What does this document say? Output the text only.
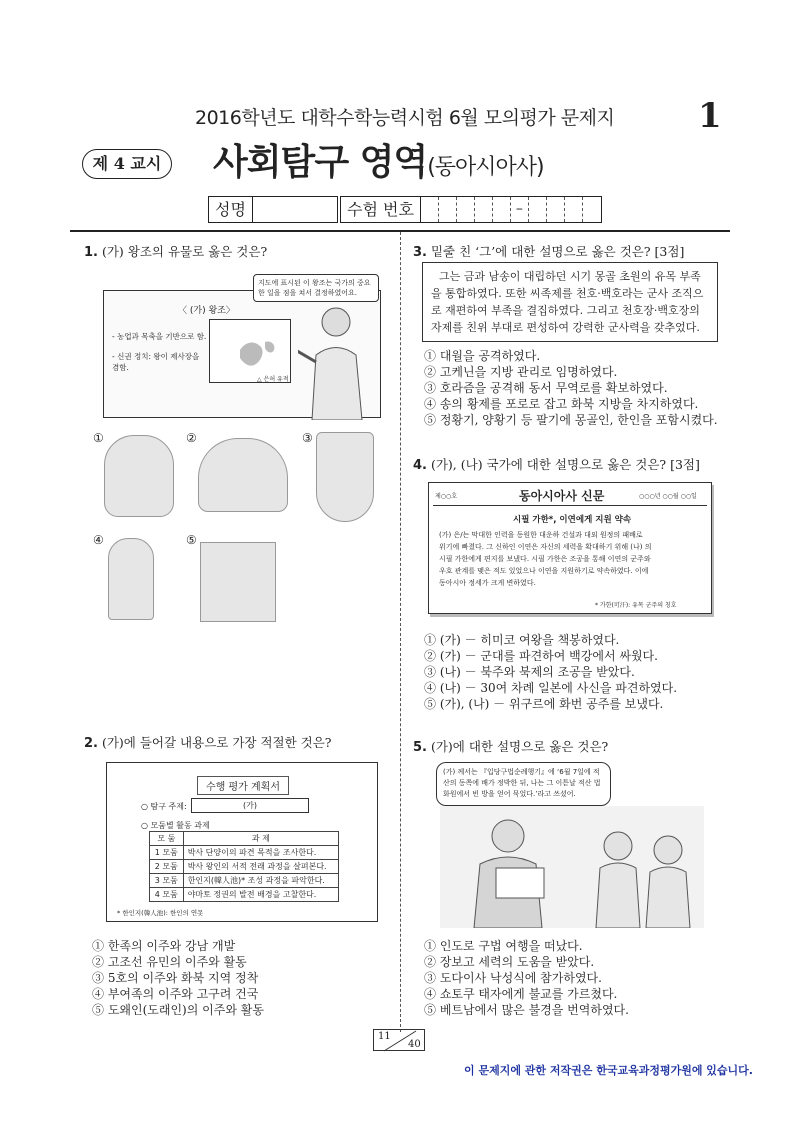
2016학년도 대학수학능력시험 6월 모의평가 문제지 1
제 4 교시 사회탐구 영역(동아시아사)
성명	수험 번호	–
1. (가) 왕조의 유물로 옳은 것은?
〈 (가) 왕조〉
- 농업과 목축을 기반으로 함.
- 신권 정치: 왕이 제사장을 겸함.
△ 은허 유적
지도에 표시된 이 왕조는 국가의 중요한 일을 점을 쳐서 결정하였어요.
①	②	③
④	⑤
2. (가)에 들어갈 내용으로 가장 적절한 것은?
수행 평가 계획서
○ 탐구 주제:	(가)
○ 모둠별 활동 과제
모 둠	과 제
1 모둠	박사 단양이의 파견 목적을 조사한다.
2 모둠	박사 왕인의 서적 전래 과정을 살펴본다.
3 모둠	한인지(韓人池)* 조성 과정을 파악한다.
4 모둠	야마토 정권의 발전 배경을 고찰한다.
* 한인지(韓人池): 한인의 연못
① 한족의 이주와 강남 개발
② 고조선 유민의 이주와 활동
③ 5호의 이주와 화북 지역 정착
④ 부여족의 이주와 고구려 건국
⑤ 도왜인(도래인)의 이주와 활동
3. 밑줄 친 ‘그’에 대한 설명으로 옳은 것은? [3점]
그는 금과 남송이 대립하던 시기 몽골 초원의 유목 부족을 통합하였다. 또한 씨족제를 천호·백호라는 군사 조직으로 재편하여 부족을 결집하였다. 그리고 천호장·백호장의 자제를 친위 부대로 편성하여 강력한 군사력을 갖추었다.
① 대월을 공격하였다.
② 고케닌을 지방 관리로 임명하였다.
③ 호라즘을 공격해 동서 무역로를 확보하였다.
④ 송의 황제를 포로로 잡고 화북 지방을 차지하였다.
⑤ 정황기, 양황기 등 팔기에 몽골인, 한인을 포함시켰다.
4. (가), (나) 국가에 대한 설명으로 옳은 것은? [3점]
제○○호	동아시아사 신문	○○○년 ○○월 ○○일
시필 가한*, 이연에게 지원 약속
(가) 은/는 막대한 인력을 동원한 대운하 건설과 대외 원정의 패배로
위기에 빠졌다. 그 신하인 이연은 자신의 세력을 확대하기 위해 (나) 의
시필 가한에게 편지를 보냈다. 시필 가한은 조공을 통해 이연의 군주와
우호 관계를 맺은 적도 있었으나 이연을 지원하기로 약속하였다. 이에
동아시아 정세가 크게 변하였다.
* 가한(可汗): 유목 군주의 칭호
① (가) － 히미코 여왕을 책봉하였다.
② (가) － 군대를 파견하여 백강에서 싸웠다.
③ (나) － 북주와 북제의 조공을 받았다.
④ (나) － 30여 차례 일본에 사신을 파견하였다.
⑤ (가), (나) － 위구르에 화번 공주를 보냈다.
5. (가)에 대한 설명으로 옳은 것은?
(가) 께서는 『입당구법순례행기』에 ‘6월 7일에 적산의 동쪽에 배가 정박한 뒤, 나는 그 이튿날 적산 법화원에서 빈 방을 얻어 묵었다.’라고 쓰셨어.
① 인도로 구법 여행을 떠났다.
② 장보고 세력의 도움을 받았다.
③ 도다이사 낙성식에 참가하였다.
④ 쇼토쿠 태자에게 불교를 가르쳤다.
⑤ 베트남에서 많은 불경을 번역하였다.
11
40
이 문제지에 관한 저작권은 한국교육과정평가원에 있습니다.
